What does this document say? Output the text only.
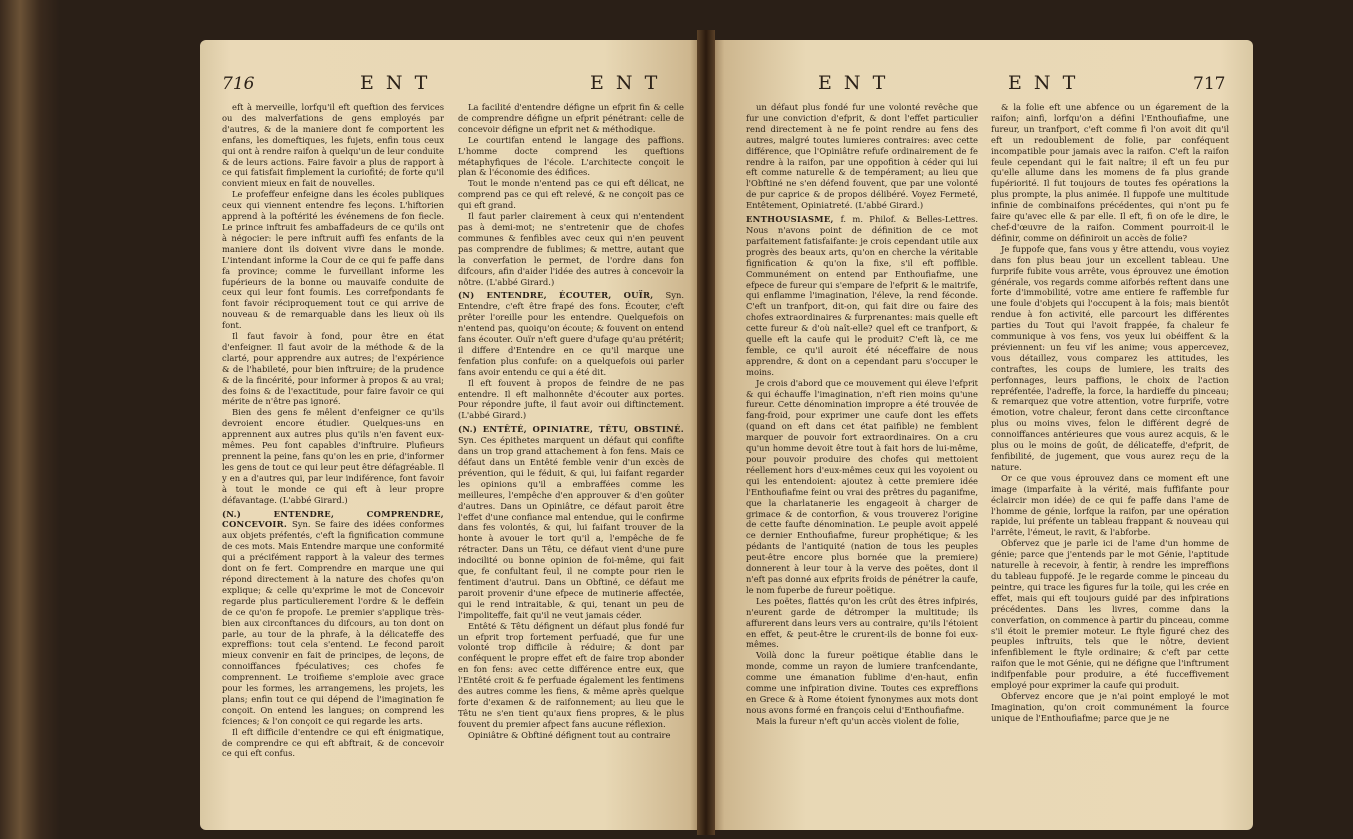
716	E N T	E N T

eft à merveille, lorfqu'il eft queftion des fervices ou des malverfations de gens employés par d'autres, & de la maniere dont fe comportent les enfans, les domeftiques, les fujets, enfin tous ceux qui ont à rendre raifon à quelqu'un de leur conduite & de leurs actions. Faire favoir a plus de rapport à ce qui fatisfait fimplement la curiofité; de forte qu'il convient mieux en fait de nouvelles.

Le profeffeur enfeigne dans les écoles publiques ceux qui viennent entendre fes leçons. L'hiftorien apprend à la poftérité les événemens de fon fiecle. Le prince inftruit fes ambaffadeurs de ce qu'ils ont à négocier: le pere inftruit auffi fes enfants de la maniere dont ils doivent vivre dans le monde. L'intendant informe la Cour de ce qui fe paffe dans fa province; comme le furveillant informe les fupérieurs de la bonne ou mauvaife conduite de ceux qui leur font foumis. Les correfpondants fe font favoir réciproquement tout ce qui arrive de nouveau & de remarquable dans les lieux où ils font.

Il faut favoir à fond, pour être en état d'enfeigner. Il faut avoir de la méthode & de la clarté, pour apprendre aux autres; de l'expérience & de l'habileté, pour bien inftruire; de la prudence & de la fincérité, pour informer à propos & au vrai; des foins & de l'exactitude, pour faire favoir ce qui mérite de n'être pas ignoré.

Bien des gens fe mêlent d'enfeigner ce qu'ils devroient encore étudier. Quelques-uns en apprennent aux autres plus qu'ils n'en favent eux-mêmes. Peu font capables d'inftruire. Plufieurs prennent la peine, fans qu'on les en prie, d'informer les gens de tout ce qui leur peut être défagréable. Il y en a d'autres qui, par leur indiférence, font favoir à tout le monde ce qui eft à leur propre défavantage. (L'abbé Girard.)

(N.) ENTENDRE, COMPRENDRE, CONCEVOIR. Syn. Se faire des idées conformes aux objets préfentés, c'eft la fignification commune de ces mots. Mais Entendre marque une conformité qui a précifément rapport à la valeur des termes dont on fe fert. Comprendre en marque une qui répond directement à la nature des chofes qu'on explique; & celle qu'exprime le mot de Concevoir regarde plus particulierement l'ordre & le deffein de ce qu'on fe propofe. Le premier s'applique très-bien aux circonftances du difcours, au ton dont on parle, au tour de la phrafe, à la délicateffe des expreffions: tout cela s'entend. Le fecond paroit mieux convenir en fait de principes, de leçons, de connoiffances fpéculatives; ces chofes fe comprennent. Le troifieme s'emploie avec grace pour les formes, les arrangemens, les projets, les plans; enfin tout ce qui dépend de l'imagination fe conçoit. On entend les langues; on comprend les fciences; & l'on conçoit ce qui regarde les arts.

Il eft difficile d'entendre ce qui eft énigmatique, de comprendre ce qui eft abftrait, & de concevoir ce qui eft confus.

La facilité d'entendre défigne un efprit fin & celle de comprendre défigne un efprit pénétrant: celle de concevoir défigne un efprit net & méthodique.

Le courtifan entend le langage des paffions. L'homme docte comprend les queftions métaphyfiques de l'école. L'architecte conçoit le plan & l'économie des édifices.

Tout le monde n'entend pas ce qui eft délicat, ne comprend pas ce qui eft relevé, & ne conçoit pas ce qui eft grand.

Il faut parler clairement à ceux qui n'entendent pas à demi-mot; ne s'entretenir que de chofes communes & fenfibles avec ceux qui n'en peuvent pas comprendre de fublimes; & mettre, autant que la converfation le permet, de l'ordre dans fon difcours, afin d'aider l'idée des autres à concevoir la nôtre. (L'abbé Girard.)

(N) ENTENDRE, ÉCOUTER, OUÏR, Syn. Entendre, c'eft être frapé des fons. Écouter, c'eft prêter l'oreille pour les entendre. Quelquefois on n'entend pas, quoiqu'on écoute; & fouvent on entend fans écouter. Ouïr n'eft guere d'ufage qu'au prétérit; il differe d'Entendre en ce qu'il marque une fenfation plus confufe: on a quelquefois oui parler fans avoir entendu ce qui a été dit.

Il eft fouvent à propos de feindre de ne pas entendre. Il eft malhonnête d'écouter aux portes. Pour répondre jufte, il faut avoir oui diftinctement. (L'abbé Girard.)

(N.) ENTÊTÉ, OPINIATRE, TÊTU, OBSTINÉ. Syn. Ces épithetes marquent un défaut qui confifte dans un trop grand attachement à fon fens. Mais ce défaut dans un Entêté femble venir d'un excès de prévention, qui le féduit, & qui, lui faifant regarder les opinions qu'il a embraffées comme les meilleures, l'empêche d'en approuver & d'en goûter d'autres. Dans un Opiniâtre, ce défaut paroit être l'effet d'une confiance mal entendue, qui le confirme dans fes volontés, & qui, lui faifant trouver de la honte à avouer le tort qu'il a, l'empêche de fe rétracter. Dans un Têtu, ce défaut vient d'une pure indocilité ou bonne opinion de foi-même, qui fait que, fe confultant feul, il ne compte pour rien le fentiment d'autrui. Dans un Obftiné, ce défaut me paroit provenir d'une efpece de mutinerie affectée, qui le rend intraitable, & qui, tenant un peu de l'impoliteffe, fait qu'il ne veut jamais céder.

Entêté & Têtu défignent un défaut plus fondé fur un efprit trop fortement perfuadé, que fur une volonté trop difficile à réduire; & dont par conféquent le propre effet eft de faire trop abonder en fon fens: avec cette différence entre eux, que l'Entêté croit & fe perfuade également les fentimens des autres comme les fiens, & même après quelque forte d'examen & de raifonnement; au lieu que le Têtu ne s'en tient qu'aux fiens propres, & le plus fouvent du premier afpect fans aucune réflexion.

Opiniâtre & Obftiné défignent tout au contraire

E N T	E N T	717

un défaut plus fondé fur une volonté revêche que fur une conviction d'efprit, & dont l'effet particulier rend directement à ne fe point rendre au fens des autres, malgré toutes lumieres contraires: avec cette différence, que l'Opiniâtre refufe ordinairement de fe rendre à la raifon, par une oppofition à céder qui lui eft comme naturelle & de tempérament; au lieu que l'Obftiné ne s'en défend fouvent, que par une volonté de pur caprice & de propos délibéré. Voyez Fermeté, Entêtement, Opiniatreté. (L'abbé Girard.)

ENTHOUSIASME, f. m. Philof. & Belles-Lettres. Nous n'avons point de définition de ce mot parfaitement fatisfaifante: je crois cependant utile aux progrès des beaux arts, qu'on en cherche la véritable fignification & qu'on la fixe, s'il eft poffible. Communément on entend par Enthoufiafme, une efpece de fureur qui s'empare de l'efprit & le maitrife, qui enflamme l'imagination, l'éleve, la rend féconde. C'eft un tranfport, dit-on, qui fait dire ou faire des chofes extraordinaires & furprenantes: mais quelle eft cette fureur & d'où naît-elle? quel eft ce tranfport, & quelle eft la caufe qui le produit? C'eft là, ce me femble, ce qu'il auroit été néceffaire de nous apprendre, & dont on a cependant paru s'occuper le moins.

Je crois d'abord que ce mouvement qui éleve l'efprit & qui échauffe l'imagination, n'eft rien moins qu'une fureur. Cette dénomination impropre a été trouvée de fang-froid, pour exprimer une caufe dont les effets (quand on eft dans cet état paifible) ne femblent marquer de pouvoir fort extraordinaires. On a cru qu'un homme devoit être tout à fait hors de lui-même, pour pouvoir produire des chofes qui mettoient réellement hors d'eux-mêmes ceux qui les voyoient ou qui les entendoient: ajoutez à cette premiere idée l'Enthoufiafme feint ou vrai des prêtres du paganifme, que la charlatanerie les engageoit à charger de grimace & de contorfion, & vous trouverez l'origine de cette faufte dénomination. Le peuple avoit appelé ce dernier Enthoufiafme, fureur prophétique; & les pédants de l'antiquité (nation de tous les peuples peut-être encore plus bornée que la premiere) donnerent à leur tour à la verve des poëtes, dont il n'eft pas donné aux efprits froids de pénétrer la caufe, le nom fuperbe de fureur poëtique.

Les poëtes, flattés qu'on les crût des êtres infpirés, n'eurent garde de détromper la multitude; ils affurerent dans leurs vers au contraire, qu'ils l'étoient en effet, & peut-être le crurent-ils de bonne foi eux-mêmes.

Voilà donc la fureur poëtique établie dans le monde, comme un rayon de lumiere tranfcendante, comme une émanation fublime d'en-haut, enfin comme une infpiration divine. Toutes ces expreffions en Grece & à Rome étoient fynonymes aux mots dont nous avons formé en françois celui d'Enthoufiafme.

Mais la fureur n'eft qu'un accès violent de folie,

& la folie eft une abfence ou un égarement de la raifon; ainfi, lorfqu'on a défini l'Enthoufiafme, une fureur, un tranfport, c'eft comme fi l'on avoit dit qu'il eft un redoublement de folie, par conféquent incompatible pour jamais avec la raifon. C'eft la raifon feule cependant qui le fait naître; il eft un feu pur qu'elle allume dans les momens de fa plus grande fupériorité. Il fut toujours de toutes fes opérations la plus prompte, la plus animée. Il fuppofe une multitude infinie de combinaifons précédentes, qui n'ont pu fe faire qu'avec elle & par elle. Il eft, fi on ofe le dire, le chef-d'œuvre de la raifon. Comment pourroit-il le définir, comme on définiroit un accès de folie?

Je fuppofe que, fans vous y être attendu, vous voyiez dans fon plus beau jour un excellent tableau. Une furprife fubite vous arrête, vous éprouvez une émotion générale, vos regards comme aiforbés reftent dans une forte d'immobilité, votre ame entiere fe raffemble fur une foule d'objets qui l'occupent à la fois; mais bientôt rendue à fon activité, elle parcourt les différentes parties du Tout qui l'avoit frappée, fa chaleur fe communique à vos fens, vos yeux lui obéiffent & la préviennent: un feu vif les anime; vous appercevez, vous détaillez, vous comparez les attitudes, les contraftes, les coups de lumiere, les traits des perfonnages, leurs paffions, le choix de l'action repréfentée, l'adreffe, la force, la hardieffe du pinceau; & remarquez que votre attention, votre furprife, votre émotion, votre chaleur, feront dans cette circonftance plus ou moins vives, felon le différent degré de connoiffances antérieures que vous aurez acquis, & le plus ou le moins de goût, de délicateffe, d'efprit, de fenfibilité, de jugement, que vous aurez reçu de la nature.

Or ce que vous éprouvez dans ce moment eft une image (imparfaite à la vérité, mais fuffifante pour éclaircir mon idée) de ce qui fe paffe dans l'ame de l'homme de génie, lorfque la raifon, par une opération rapide, lui préfente un tableau frappant & nouveau qui l'arrête, l'émeut, le ravit, & l'abforbe.

Obfervez que je parle ici de l'ame d'un homme de génie; parce que j'entends par le mot Génie, l'aptitude naturelle à recevoir, à fentir, à rendre les impreffions du tableau fuppofé. Je le regarde comme le pinceau du peintre, qui trace les figures fur la toile, qui les crée en effet, mais qui eft toujours guidé par des infpirations précédentes. Dans les livres, comme dans la converfation, on commence à partir du pinceau, comme s'il étoit le premier moteur. Le ftyle figuré chez des peuples inftruits, tels que le nôtre, devient infenfiblement le ftyle ordinaire; & c'eft par cette raifon que le mot Génie, qui ne défigne que l'inftrument indifpenfable pour produire, a été fucceffivement employé pour exprimer la caufe qui produit.

Obfervez encore que je n'ai point employé le mot Imagination, qu'on croit communément la fource unique de l'Enthoufiafme; parce que je ne
